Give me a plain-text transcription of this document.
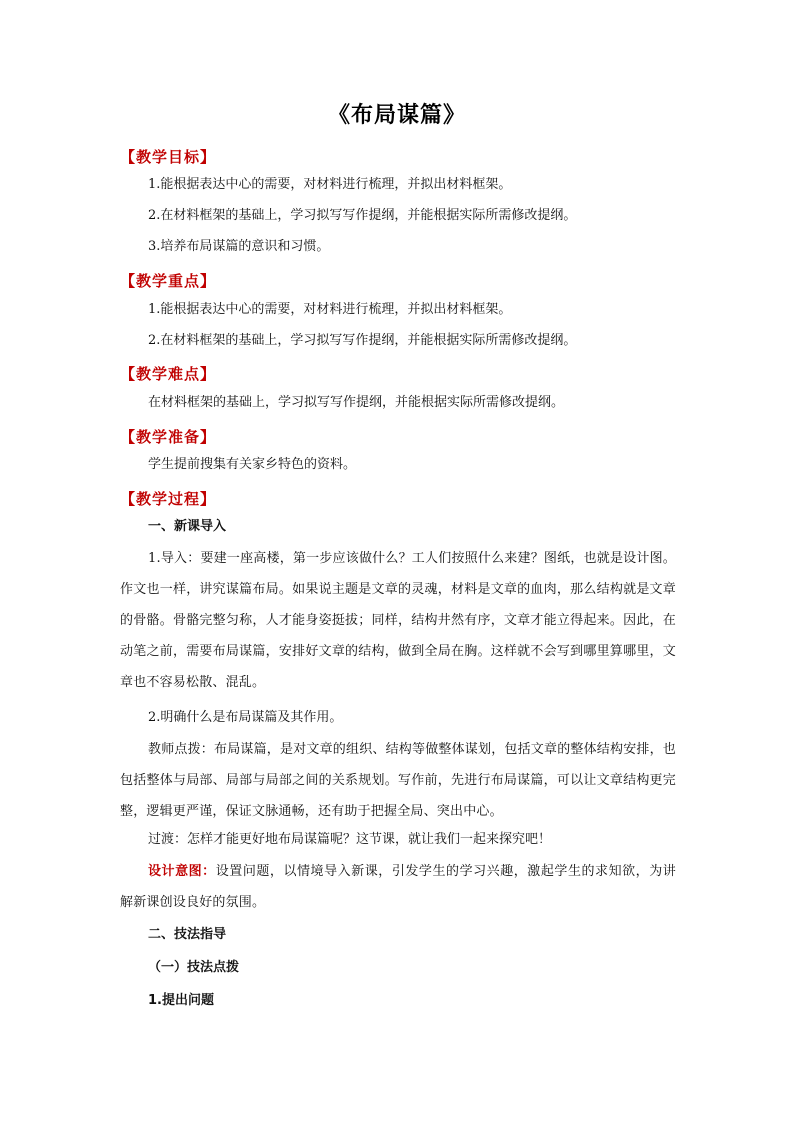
《布局谋篇》
【教学目标】
1.能根据表达中心的需要，对材料进行梳理，并拟出材料框架。
2.在材料框架的基础上，学习拟写写作提纲，并能根据实际所需修改提纲。
3.培养布局谋篇的意识和习惯。
【教学重点】
1.能根据表达中心的需要，对材料进行梳理，并拟出材料框架。
2.在材料框架的基础上，学习拟写写作提纲，并能根据实际所需修改提纲。
【教学难点】
在材料框架的基础上，学习拟写写作提纲，并能根据实际所需修改提纲。
【教学准备】
学生提前搜集有关家乡特色的资料。
【教学过程】
一、新课导入
1.导入：要建一座高楼，第一步应该做什么？工人们按照什么来建？图纸，也就是设计图。作文也一样，讲究谋篇布局。如果说主题是文章的灵魂，材料是文章的血肉，那么结构就是文章的骨骼。骨骼完整匀称，人才能身姿挺拔；同样，结构井然有序，文章才能立得起来。因此，在动笔之前，需要布局谋篇，安排好文章的结构，做到全局在胸。这样就不会写到哪里算哪里，文章也不容易松散、混乱。
2.明确什么是布局谋篇及其作用。
教师点拨：布局谋篇，是对文章的组织、结构等做整体谋划，包括文章的整体结构安排，也包括整体与局部、局部与局部之间的关系规划。写作前，先进行布局谋篇，可以让文章结构更完整，逻辑更严谨，保证文脉通畅，还有助于把握全局、突出中心。
过渡：怎样才能更好地布局谋篇呢？这节课，就让我们一起来探究吧！
设计意图：设置问题，以情境导入新课，引发学生的学习兴趣，激起学生的求知欲，为讲解新课创设良好的氛围。
二、技法指导
（一）技法点拨
1.提出问题
